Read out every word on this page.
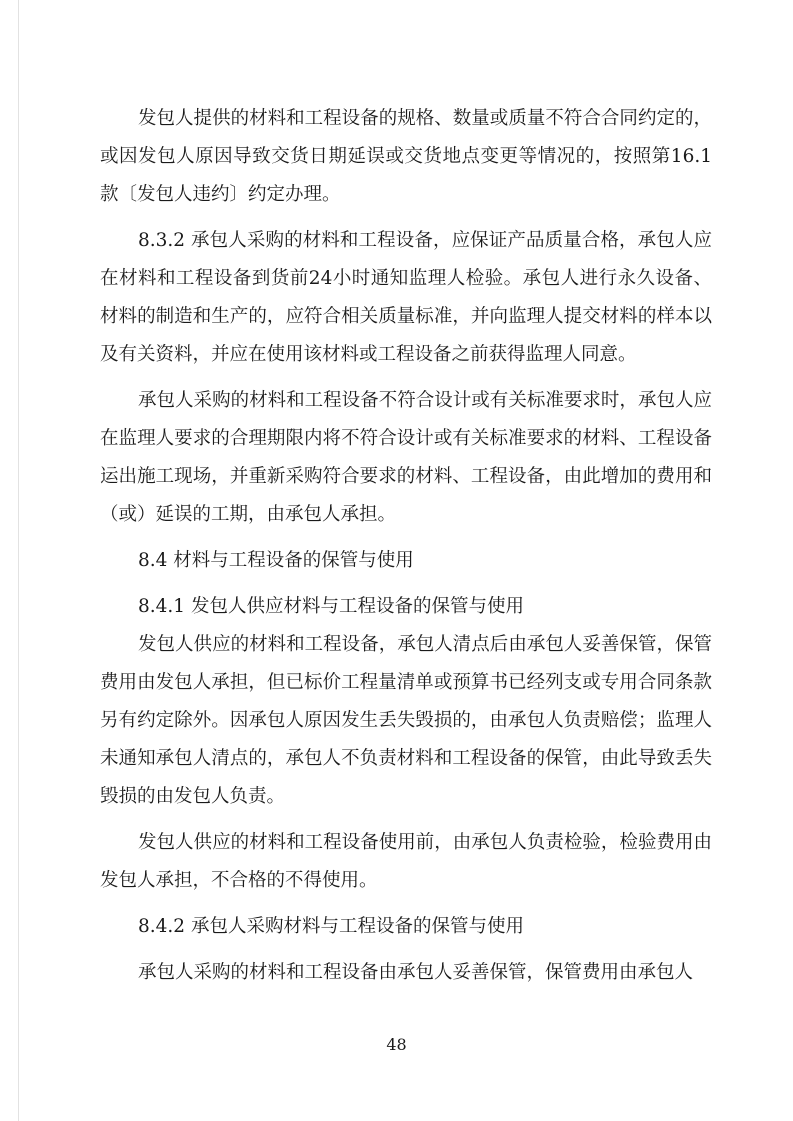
发包人提供的材料和工程设备的规格、数量或质量不符合合同约定的，或因发包人原因导致交货日期延误或交货地点变更等情况的，按照第16.1款〔发包人违约〕约定办理。

8.3.2 承包人采购的材料和工程设备，应保证产品质量合格，承包人应在材料和工程设备到货前24小时通知监理人检验。承包人进行永久设备、材料的制造和生产的，应符合相关质量标准，并向监理人提交材料的样本以及有关资料，并应在使用该材料或工程设备之前获得监理人同意。

承包人采购的材料和工程设备不符合设计或有关标准要求时，承包人应在监理人要求的合理期限内将不符合设计或有关标准要求的材料、工程设备运出施工现场，并重新采购符合要求的材料、工程设备，由此增加的费用和（或）延误的工期，由承包人承担。

8.4 材料与工程设备的保管与使用

8.4.1 发包人供应材料与工程设备的保管与使用

发包人供应的材料和工程设备，承包人清点后由承包人妥善保管，保管费用由发包人承担，但已标价工程量清单或预算书已经列支或专用合同条款另有约定除外。因承包人原因发生丢失毁损的，由承包人负责赔偿；监理人未通知承包人清点的，承包人不负责材料和工程设备的保管，由此导致丢失毁损的由发包人负责。

发包人供应的材料和工程设备使用前，由承包人负责检验，检验费用由发包人承担，不合格的不得使用。

8.4.2 承包人采购材料与工程设备的保管与使用

承包人采购的材料和工程设备由承包人妥善保管，保管费用由承包人

48
